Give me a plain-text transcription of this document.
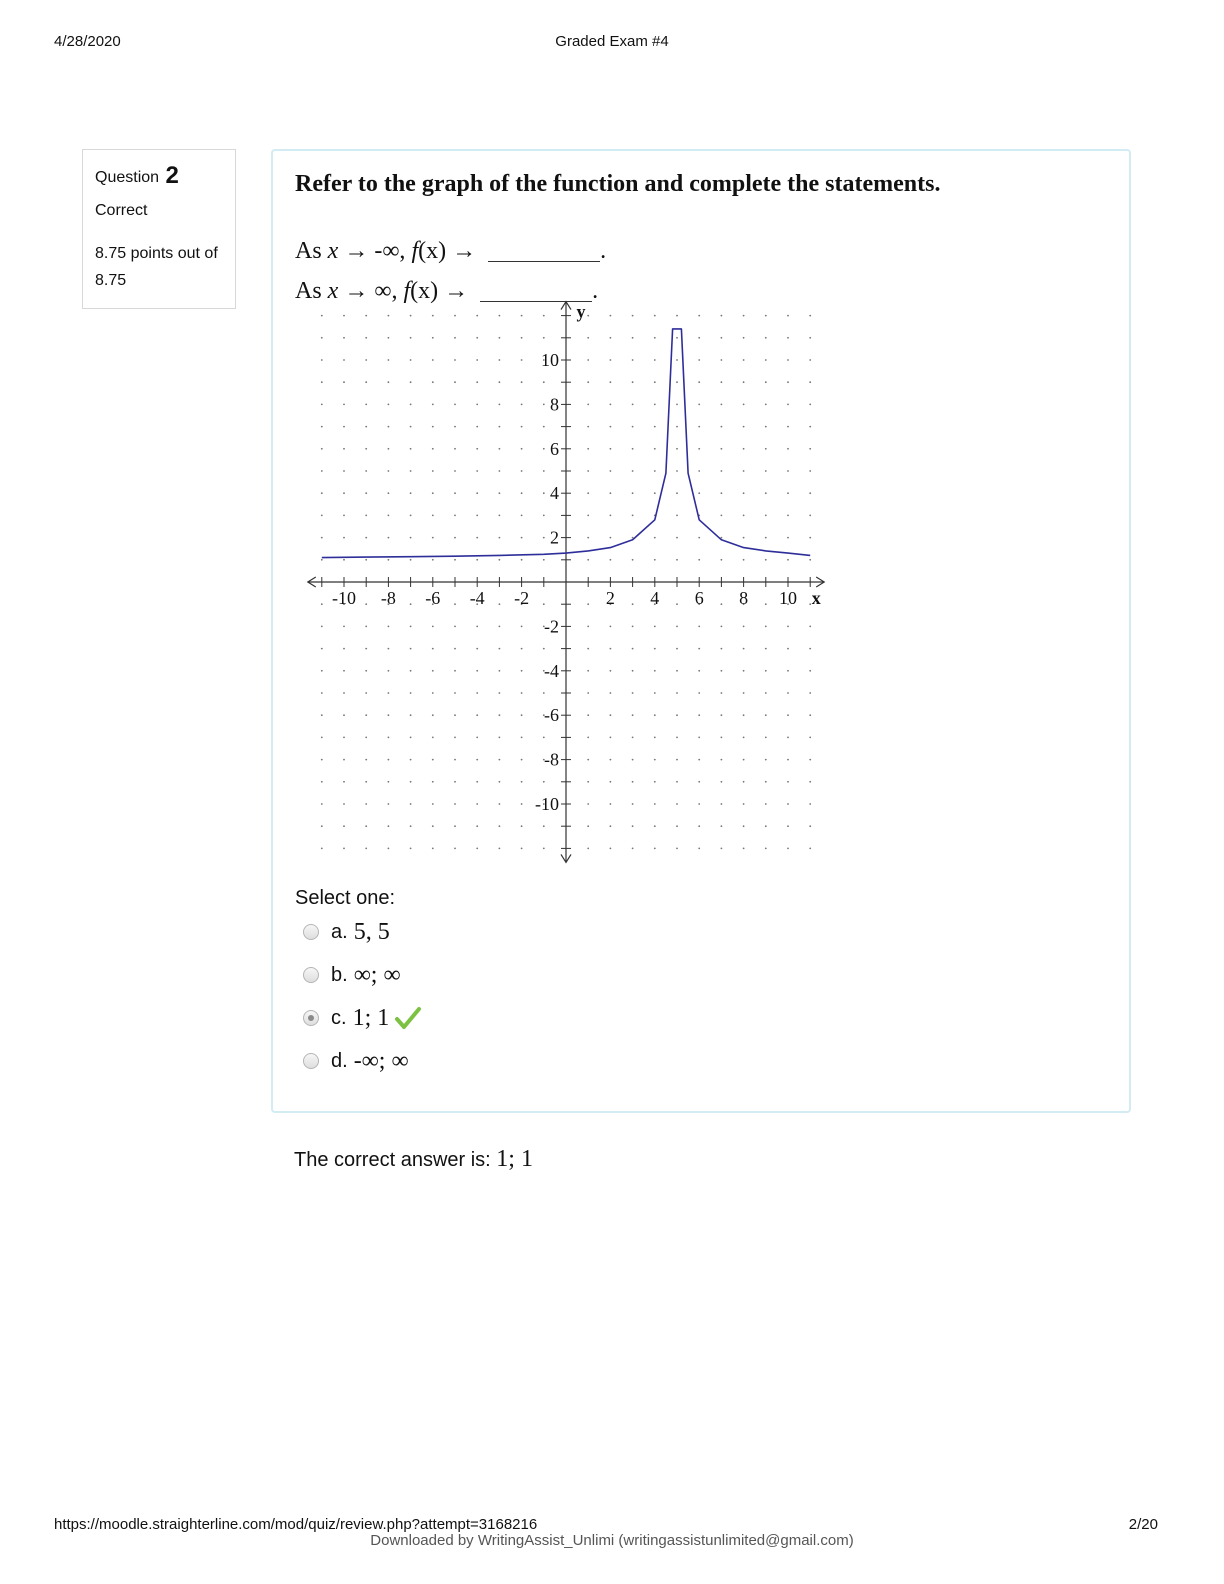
4/28/2020	Graded Exam #4
Question 2
Correct
8.75 points out of 8.75
Refer to the graph of the function and complete the statements.
As x → -∞, f(x) →	.
As x → ∞, f(x) →	.
-10 -8 -6 -4 -2	2 4 6 8 10
10
8
6
4
2
-2
-4
-6
-8
-10
x
y
Select one:
a. 5, 5
b. ∞; ∞
c. 1; 1
d. -∞; ∞
The correct answer is: 1; 1
https://moodle.straighterline.com/mod/quiz/review.php?attempt=3168216	2/20
Downloaded by WritingAssist_Unlimi (writingassistunlimited@gmail.com)
